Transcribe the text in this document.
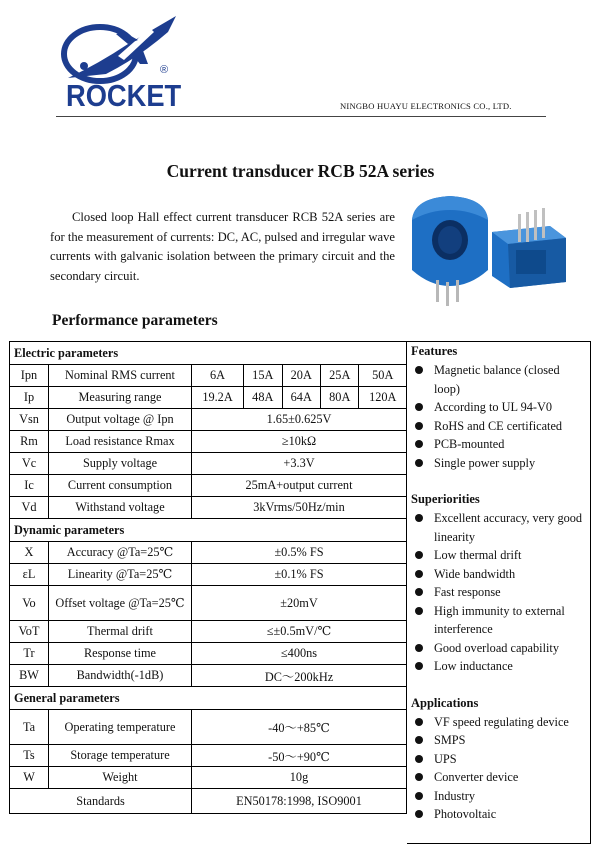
ROCKET
®
NINGBO HUAYU ELECTRONICS CO., LTD.
Current transducer RCB 52A series
Closed loop Hall effect current transducer RCB 52A series are for the measurement of currents: DC, AC, pulsed and irregular wave currents with galvanic isolation between the primary circuit and the secondary circuit.
Performance parameters
Electric parameters						
Ipn	Nominal RMS current	6A	15A	20A	25A	50A
Ip	Measuring range	19.2A	48A	64A	80A	120A
Vsn	Output voltage @ Ipn	1.65±0.625V				
Rm	Load resistance Rmax	≥10kΩ				
Vc	Supply voltage	+3.3V				
Ic	Current consumption	25mA+output current				
Vd	Withstand voltage	3kVrms/50Hz/min				
Dynamic parameters						
X	Accuracy @Ta=25℃	±0.5% FS				
εL	Linearity @Ta=25℃	±0.1% FS				
Vo	Offset voltage @Ta=25℃	±20mV				
VoT	Thermal drift	≤±0.5mV/℃				
Tr	Response time	≤400ns				
BW	Bandwidth(-1dB)	DC～200kHz				
General parameters						
Ta	Operating temperature	-40～+85℃				
Ts	Storage temperature	-50～+90℃				
W	Weight	10g				
Standards		EN50178:1998, ISO9001				
Features
Magnetic balance (closed loop)
According to UL 94-V0
RoHS and CE certificated
PCB-mounted
Single power supply
Superiorities
Excellent accuracy, very good linearity
Low thermal drift
Wide bandwidth
Fast response
High immunity to external interference
Good overload capability
Low inductance
Applications
VF speed regulating device
SMPS
UPS
Converter device
Industry
Photovoltaic
